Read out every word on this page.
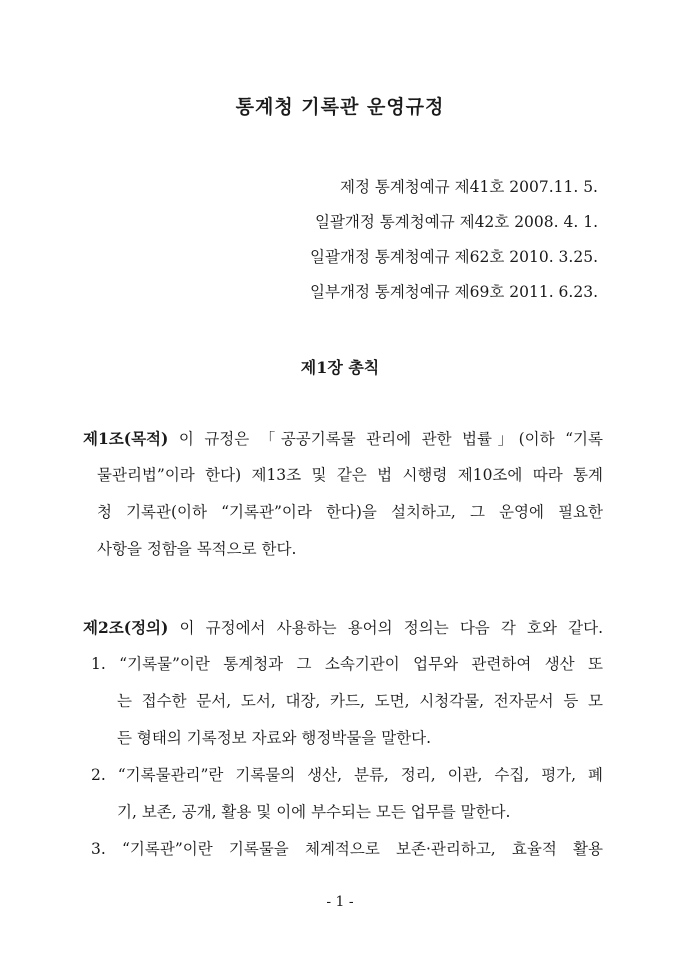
통계청 기록관 운영규정
제정 통계청예규 제41호 2007.11. 5.
일괄개정 통계청예규 제42호 2008. 4. 1.
일괄개정 통계청예규 제62호 2010. 3.25.
일부개정 통계청예규 제69호 2011. 6.23.
제1장 총칙
제1조(목적) 이 규정은 「공공기록물 관리에 관한 법률」(이하 “기록
물관리법”이라 한다) 제13조 및 같은 법 시행령 제10조에 따라 통계
청 기록관(이하 “기록관”이라 한다)을 설치하고, 그 운영에 필요한
사항을 정함을 목적으로 한다.
제2조(정의) 이 규정에서 사용하는 용어의 정의는 다음 각 호와 같다.
1. “기록물”이란 통계청과 그 소속기관이 업무와 관련하여 생산 또
는 접수한 문서, 도서, 대장, 카드, 도면, 시청각물, 전자문서 등 모
든 형태의 기록정보 자료와 행정박물을 말한다.
2. “기록물관리”란 기록물의 생산, 분류, 정리, 이관, 수집, 평가, 폐
기, 보존, 공개, 활용 및 이에 부수되는 모든 업무를 말한다.
3. “기록관”이란 기록물을 체계적으로 보존·관리하고, 효율적 활용
- 1 -
